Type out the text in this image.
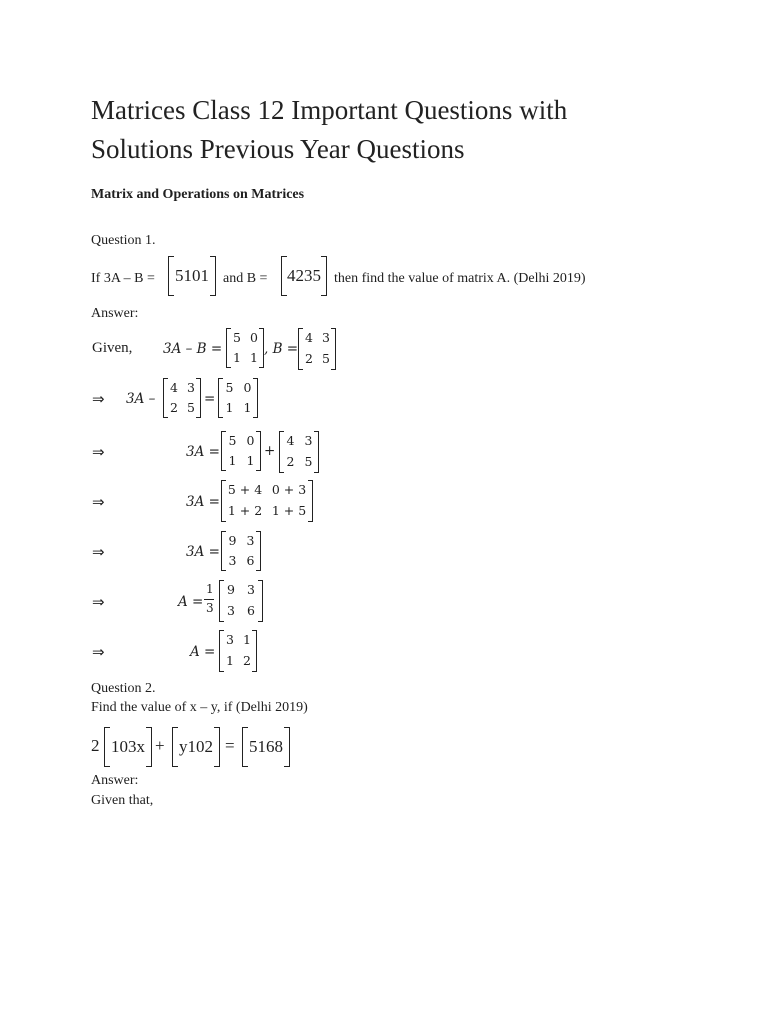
Matrices Class 12 Important Questions with
Solutions Previous Year Questions
Matrix and Operations on Matrices
Question 1.
If 3A – B =	5101	and B =	4235 then find the value of matrix A. (Delhi 2019)
Answer:
Given, 3A – B =
5 0
1 1
, B =
4 3
2 5
⇒ 3A –
4 3
2 5
=
5 0
1 1
⇒	3A =
5 0
1 1
+
4 3
2 5
⇒	3A =
5 + 4 0 + 3
1 + 2 1 + 5
⇒	3A =
9 3
3 6
⇒	A =
1
3
9 3
3 6
⇒	A =
3 1
1 2
Question 2.
Find the value of x – y, if (Delhi 2019)
2 103x + y102 = 5168
Answer:
Given that,
